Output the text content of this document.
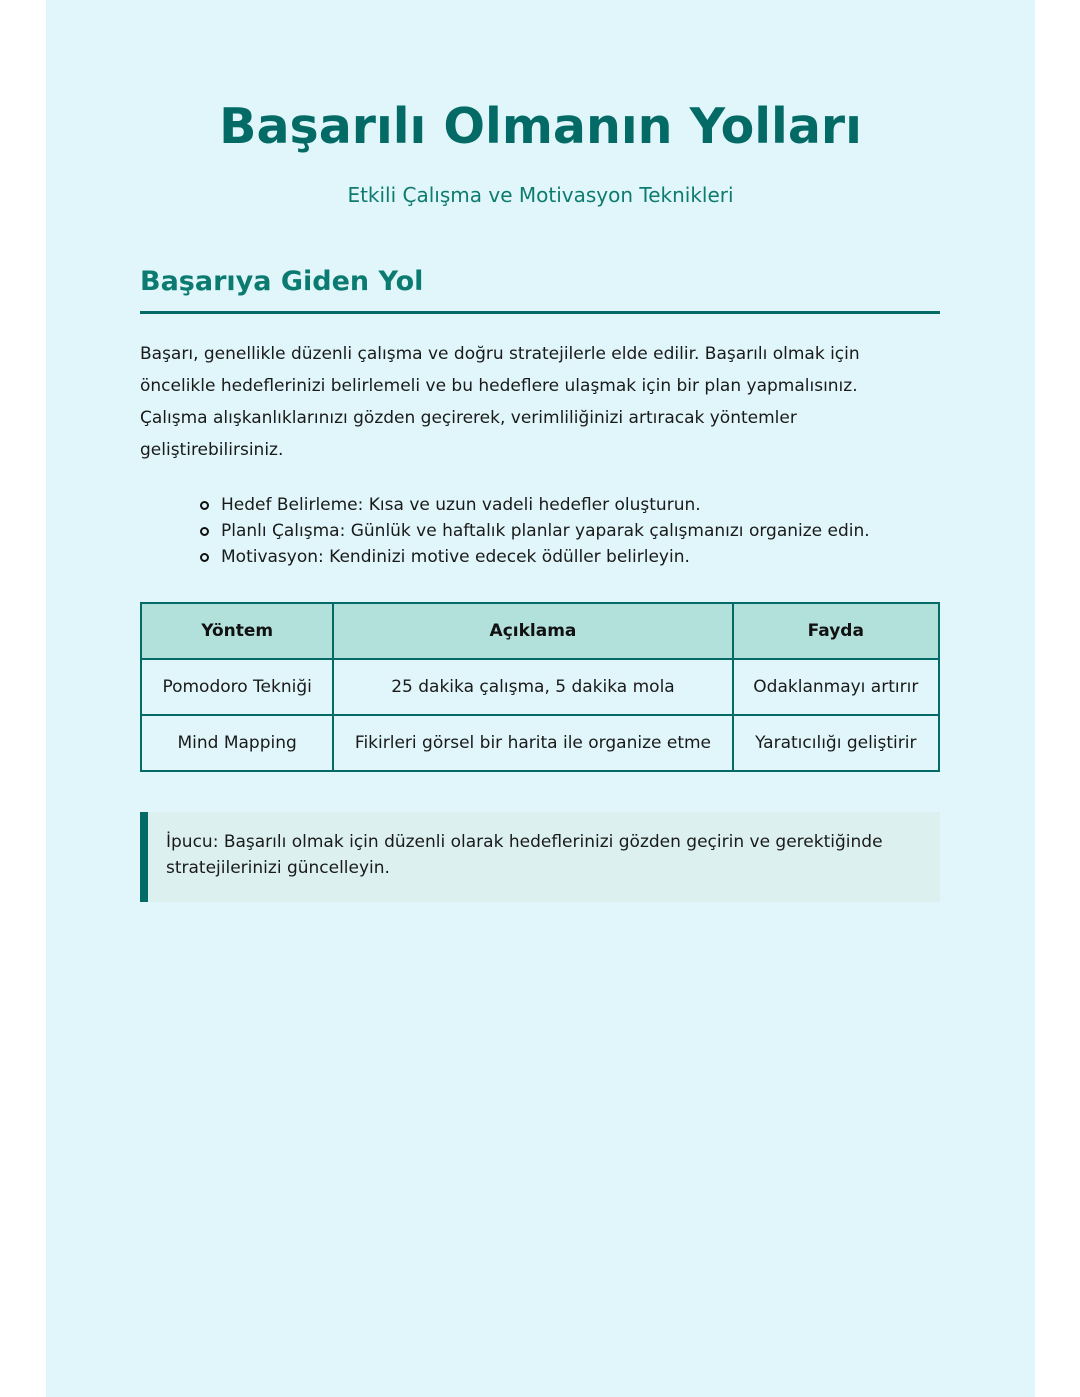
Başarılı Olmanın Yolları

Etkili Çalışma ve Motivasyon Teknikleri

Başarıya Giden Yol

Başarı, genellikle düzenli çalışma ve doğru stratejilerle elde edilir. Başarılı olmak için
öncelikle hedeflerinizi belirlemeli ve bu hedeflere ulaşmak için bir plan yapmalısınız.
Çalışma alışkanlıklarınızı gözden geçirerek, verimliliğinizi artıracak yöntemler
geliştirebilirsiniz.

Hedef Belirleme: Kısa ve uzun vadeli hedefler oluşturun.
Planlı Çalışma: Günlük ve haftalık planlar yaparak çalışmanızı organize edin.
Motivasyon: Kendinizi motive edecek ödüller belirleyin.
Yöntem	Açıklama	Fayda
Pomodoro Tekniği	25 dakika çalışma, 5 dakika mola	Odaklanmayı artırır
Mind Mapping	Fikirleri görsel bir harita ile organize etme	Yaratıcılığı geliştirir

İpucu: Başarılı olmak için düzenli olarak hedeflerinizi gözden geçirin ve gerektiğinde
stratejilerinizi güncelleyin.
